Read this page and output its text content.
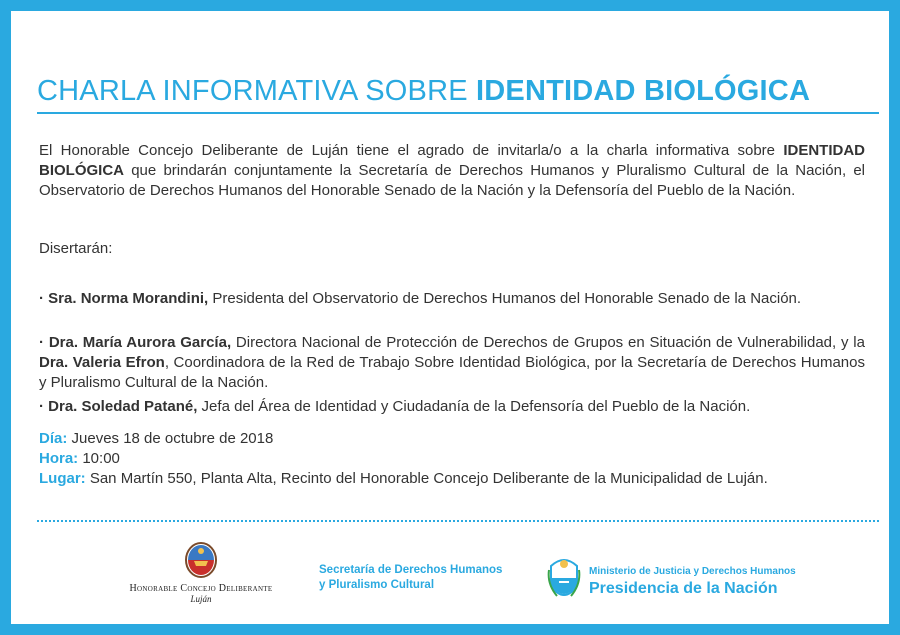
CHARLA INFORMATIVA SOBRE IDENTIDAD BIOLÓGICA

El Honorable Concejo Deliberante de Luján tiene el agrado de invitarla/o a la charla informativa sobre IDENTIDAD BIOLÓGICA que brindarán conjuntamente la Secretaría de Derechos Humanos y Pluralismo Cultural de la Nación, el Observatorio de Derechos Humanos del Honorable Senado de la Nación y la Defensoría del Pueblo de la Nación.

Disertarán:

· Sra. Norma Morandini, Presidenta del Observatorio de Derechos Humanos del Honorable Senado de la Nación.

· Dra. María Aurora García, Directora Nacional de Protección de Derechos de Grupos en Situación de Vulnerabilidad, y la Dra. Valeria Efron, Coordinadora de la Red de Trabajo Sobre Identidad Biológica, por la Secretaría de Derechos Humanos y Pluralismo Cultural de la Nación.

· Dra. Soledad Patané, Jefa del Área de Identidad y Ciudadanía de la Defensoría del Pueblo de la Nación.

Día: Jueves 18 de octubre de 2018
Hora: 10:00
Lugar: San Martín 550, Planta Alta, Recinto del Honorable Concejo Deliberante de la Municipalidad de Luján.

Honorable Concejo Deliberante
Luján
Secretaría de Derechos Humanos
y Pluralismo Cultural
Ministerio de Justicia y Derechos Humanos
Presidencia de la Nación
